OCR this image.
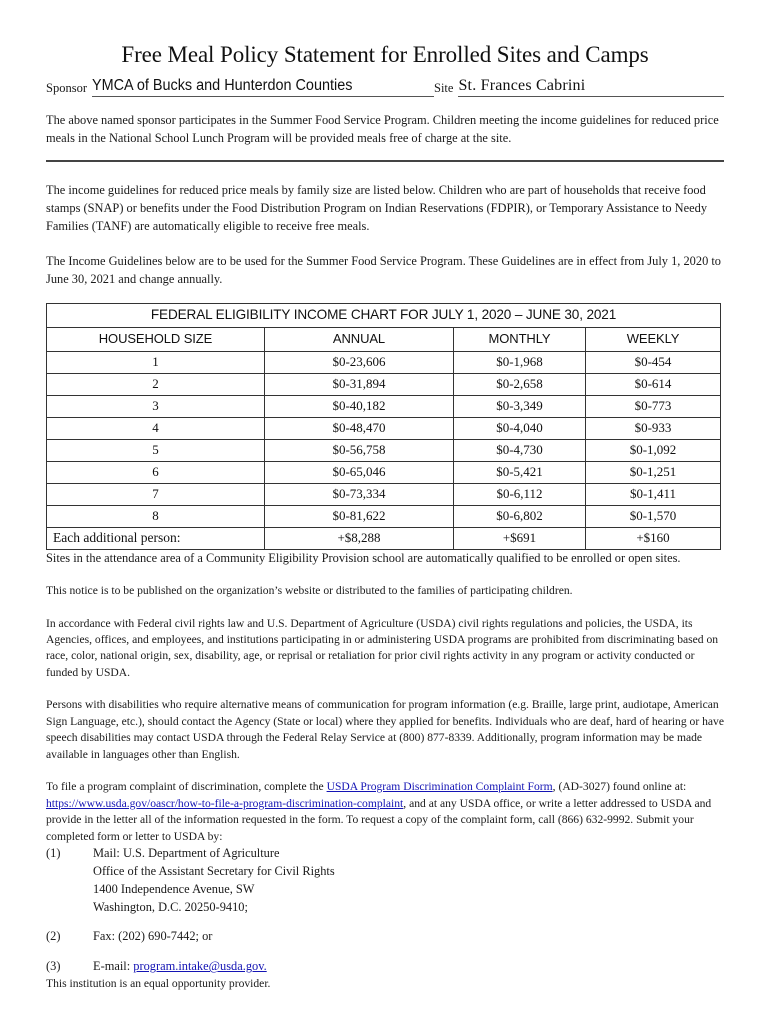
Free Meal Policy Statement for Enrolled Sites and Camps
Sponsor YMCA of Bucks and Hunterdon Counties	Site St. Frances Cabrini

The above named sponsor participates in the Summer Food Service Program. Children meeting the income guidelines for reduced price meals in the National School Lunch Program will be provided meals free of charge at the site.

The income guidelines for reduced price meals by family size are listed below. Children who are part of households that receive food stamps (SNAP) or benefits under the Food Distribution Program on Indian Reservations (FDPIR), or Temporary Assistance to Needy Families (TANF) are automatically eligible to receive free meals.

The Income Guidelines below are to be used for the Summer Food Service Program. These Guidelines are in effect from July 1, 2020 to June 30, 2021 and change annually.

FEDERAL ELIGIBILITY INCOME CHART FOR JULY 1, 2020 – JUNE 30, 2021			
HOUSEHOLD SIZE	ANNUAL	MONTHLY	WEEKLY
1	$0-23,606	$0-1,968	$0-454
2	$0-31,894	$0-2,658	$0-614
3	$0-40,182	$0-3,349	$0-773
4	$0-48,470	$0-4,040	$0-933
5	$0-56,758	$0-4,730	$0-1,092
6	$0-65,046	$0-5,421	$0-1,251
7	$0-73,334	$0-6,112	$0-1,411
8	$0-81,622	$0-6,802	$0-1,570
Each additional person:	+$8,288	+$691	+$160

Sites in the attendance area of a Community Eligibility Provision school are automatically qualified to be enrolled or open sites.

This notice is to be published on the organization’s website or distributed to the families of participating children.

In accordance with Federal civil rights law and U.S. Department of Agriculture (USDA) civil rights regulations and policies, the USDA, its Agencies, offices, and employees, and institutions participating in or administering USDA programs are prohibited from discriminating based on race, color, national origin, sex, disability, age, or reprisal or retaliation for prior civil rights activity in any program or activity conducted or funded by USDA.

Persons with disabilities who require alternative means of communication for program information (e.g. Braille, large print, audiotape, American Sign Language, etc.), should contact the Agency (State or local) where they applied for benefits. Individuals who are deaf, hard of hearing or have speech disabilities may contact USDA through the Federal Relay Service at (800) 877-8339. Additionally, program information may be made available in languages other than English.

To file a program complaint of discrimination, complete the USDA Program Discrimination Complaint Form, (AD-3027) found online at: https://www.usda.gov/oascr/how-to-file-a-program-discrimination-complaint, and at any USDA office, or write a letter addressed to USDA and provide in the letter all of the information requested in the form. To request a copy of the complaint form, call (866) 632-9992. Submit your completed form or letter to USDA by:

(1)	Mail: U.S. Department of Agriculture
Office of the Assistant Secretary for Civil Rights
1400 Independence Avenue, SW
Washington, D.C. 20250-9410;
(2)	Fax: (202) 690-7442; or
(3)	E-mail: program.intake@usda.gov.

This institution is an equal opportunity provider.
